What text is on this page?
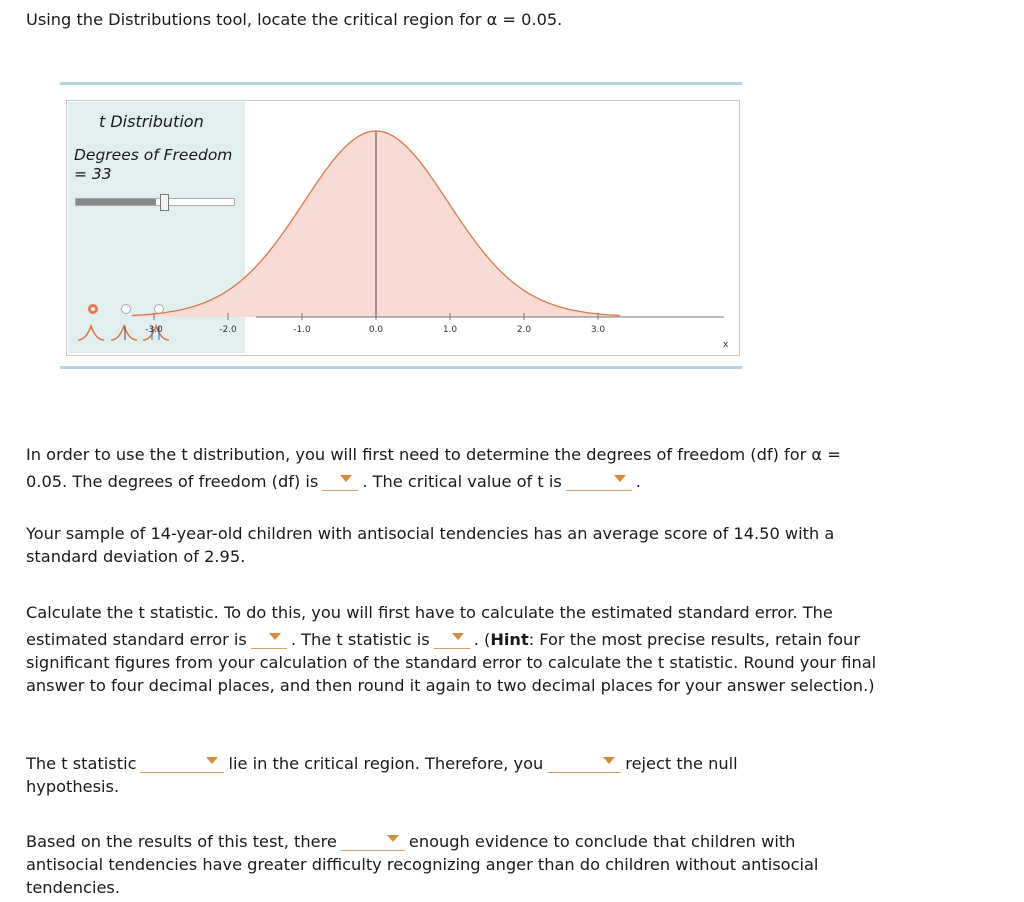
Using the Distributions tool, locate the critical region for α = 0.05.
t Distribution
Degrees of Freedom
= 33
-3.0	-2.0	-1.0	0.0	1.0	2.0	3.0
x
In order to use the t distribution, you will first need to determine the degrees of freedom (df) for α = 0.05. The degrees of freedom (df) is	. The critical value of t is	.
Your sample of 14-year-old children with antisocial tendencies has an average score of 14.50 with a standard deviation of 2.95.
Calculate the t statistic. To do this, you will first have to calculate the estimated standard error. The estimated standard error is	. The t statistic is	. (Hint: For the most precise results, retain four significant figures from your calculation of the standard error to calculate the t statistic. Round your final answer to four decimal places, and then round it again to two decimal places for your answer selection.)
The t statistic	lie in the critical region. Therefore, you	reject the null hypothesis.
Based on the results of this test, there	enough evidence to conclude that children with antisocial tendencies have greater difficulty recognizing anger than do children without antisocial tendencies.
